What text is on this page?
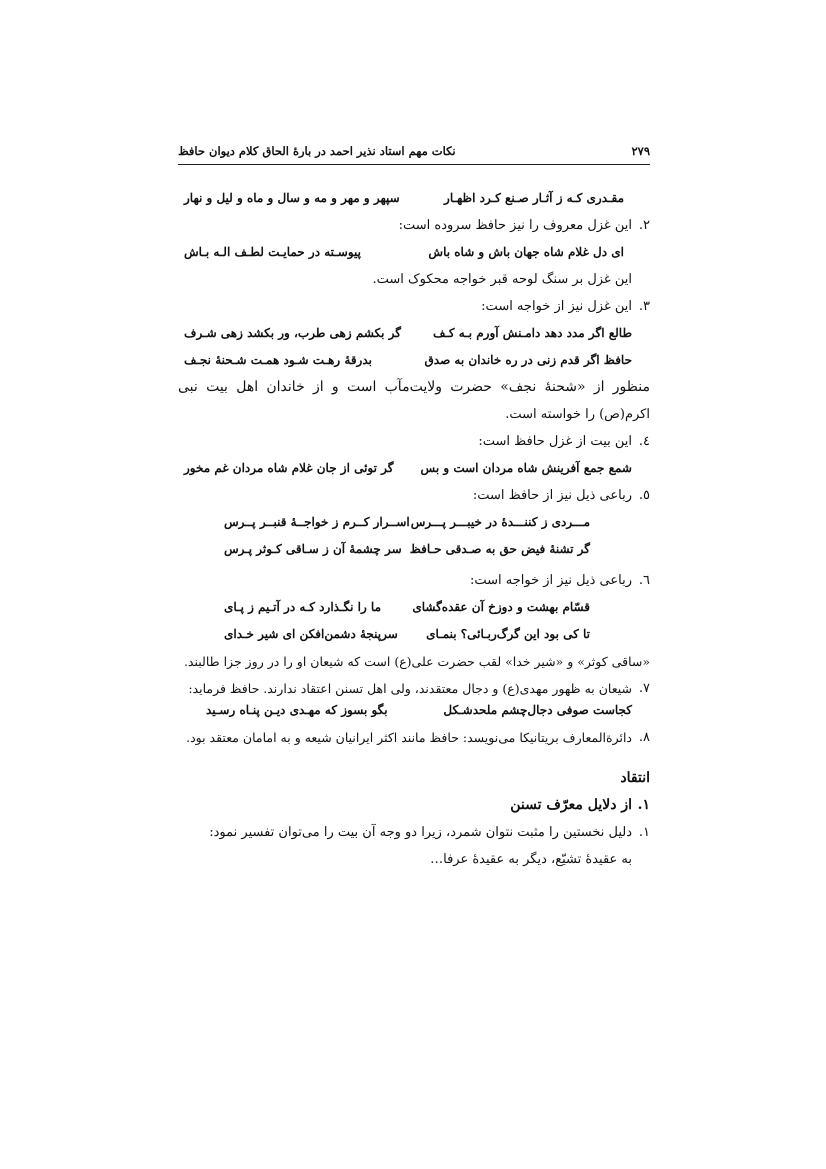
۲۷۹
نکات مهم استاد نذیر احمد در بارهٔ الحاق کلام دیوان حافظ
مقـدری کـه ز آثـار صـنع کـرد اظهـار
سپهر و مهر و مه و سال و ماه و لیل و نهار
۲.
این غزل معروف را نیز حافظ سروده است:
ای دل غلام شاه جهان باش و شاه باش
پیوسـته در حمایـت لطـف الـه بـاش
این غزل بر سنگ لوحه قبر خواجه محکوک است.
۳.
این غزل نیز از خواجه است:
طالع اگر مدد دهد دامـنش آورم بـه کـف
گر بکشم زهی طرب، ور بکشد زهی شـرف
حافظ اگر قدم زنی در ره خاندان به صدق
بدرقهٔ رهـت شـود همـت شـحنهٔ نجـف
منظور از «شحنهٔ نجف» حضرت ولایت‌مآب است و از خاندان اهل بیت نبی
اکرم(ص) را خواسته است.
٤.
این بیت از غزل حافظ است:
شمع جمع آفرینش شاه مردان است و بس
گر توئی از جان غلام شاه مردان غم مخور
٥.
رباعی ذیل نیز از حافظ است:
مـــردی ز کننـــدهٔ در خیبـــر پـــرس
اســرار کــرم ز خواجــهٔ قنبــر پــرس
گر تشنهٔ فیض حق به صـدقی حـافظ
سر چشمهٔ آن ز سـاقی کـوثر پـرس
٦.
رباعی ذیل نیز از خواجه است:
قسّام بهشت و دوزخ آن عقده‌گشای
ما را نگـذارد کـه در آتـیم ز پـای
تا کی بود این گرگ‌ربـائی؟ بنمـای
سرپنجهٔ دشمن‌افکن ای شیر خـدای
«ساقی کوثر» و «شیر خدا» لقب حضرت علی(ع) است که شیعان او را در روز جزا طالبند.
۷.
شیعان به ظهور مهدی(ع) و دجال معتقدند، ولی اهل تسنن اعتقاد ندارند. حافظ فرماید:
کجاست صوفی دجال‌چشم ملحدشـکل
بگو بسوز که مهـدی دیـن پنـاه رسـید
۸.
دائرةالمعارف بریتانیکا می‌نویسد: حافظ مانند اکثر ایرانیان شیعه و به امامان معتقد بود.
انتقاد
۱.
از دلایل معرّف تسنن
۱.
دلیل نخستین را مثبت نتوان شمرد، زیرا دو وجه آن بیت را می‌توان تفسیر نمود:
به عقیدهٔ تشیّع، دیگر به عقیدهٔ عرفا…
